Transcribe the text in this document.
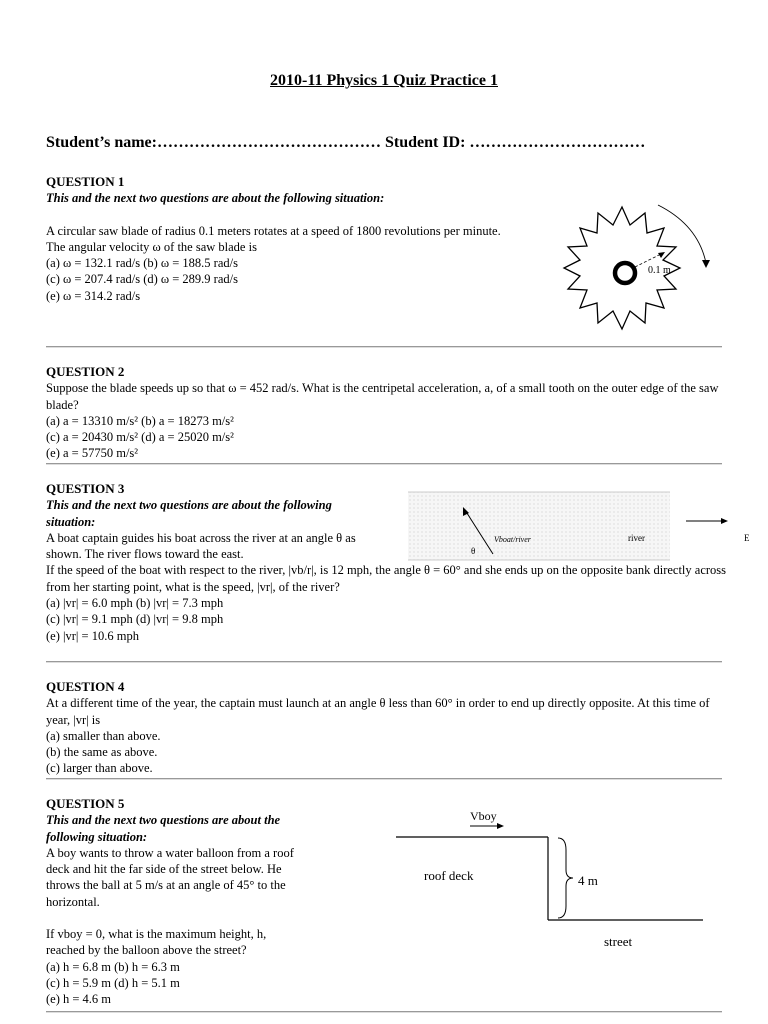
2010-11 Physics 1 Quiz Practice 1
Student’s name:…………………………………… Student ID: ……………………………
QUESTION 1
This and the next two questions are about the following situation:
A circular saw blade of radius 0.1 meters rotates at a speed of 1800 revolutions per minute.
The angular velocity ω of the saw blade is
(a) ω = 132.1 rad/s (b) ω = 188.5 rad/s
(c) ω = 207.4 rad/s (d) ω = 289.9 rad/s
(e) ω = 314.2 rad/s
0.1 m
QUESTION 2
Suppose the blade speeds up so that ω = 452 rad/s. What is the centripetal acceleration, a, of a small tooth on the outer edge of the saw blade?
(a) a = 13310 m/s² (b) a = 18273 m/s²
(c) a = 20430 m/s² (d) a = 25020 m/s²
(e) a = 57750 m/s²
QUESTION 3
This and the next two questions are about the following situation:
A boat captain guides his boat across the river at an angle θ as shown. The river flows toward the east.
If the speed of the boat with respect to the river, |vb/r|, is 12 mph, the angle θ = 60° and she ends up on the opposite bank directly across from her starting point, what is the speed, |vr|, of the river?
(a) |vr| = 6.0 mph (b) |vr| = 7.3 mph
(c) |vr| = 9.1 mph (d) |vr| = 9.8 mph
(e) |vr| = 10.6 mph
θ
Vboat/river	river	E
QUESTION 4
At a different time of the year, the captain must launch at an angle θ less than 60° in order to end up directly opposite. At this time of year, |vr| is
(a) smaller than above.
(b) the same as above.
(c) larger than above.
QUESTION 5
This and the next two questions are about the following situation:
A boy wants to throw a water balloon from a roof deck and hit the far side of the street below. He throws the ball at 5 m/s at an angle of 45° to the horizontal.
If vboy = 0, what is the maximum height, h, reached by the balloon above the street?
(a) h = 6.8 m (b) h = 6.3 m
(c) h = 5.9 m (d) h = 5.1 m
(e) h = 4.6 m
Vboy
roof deck	4 m
street
